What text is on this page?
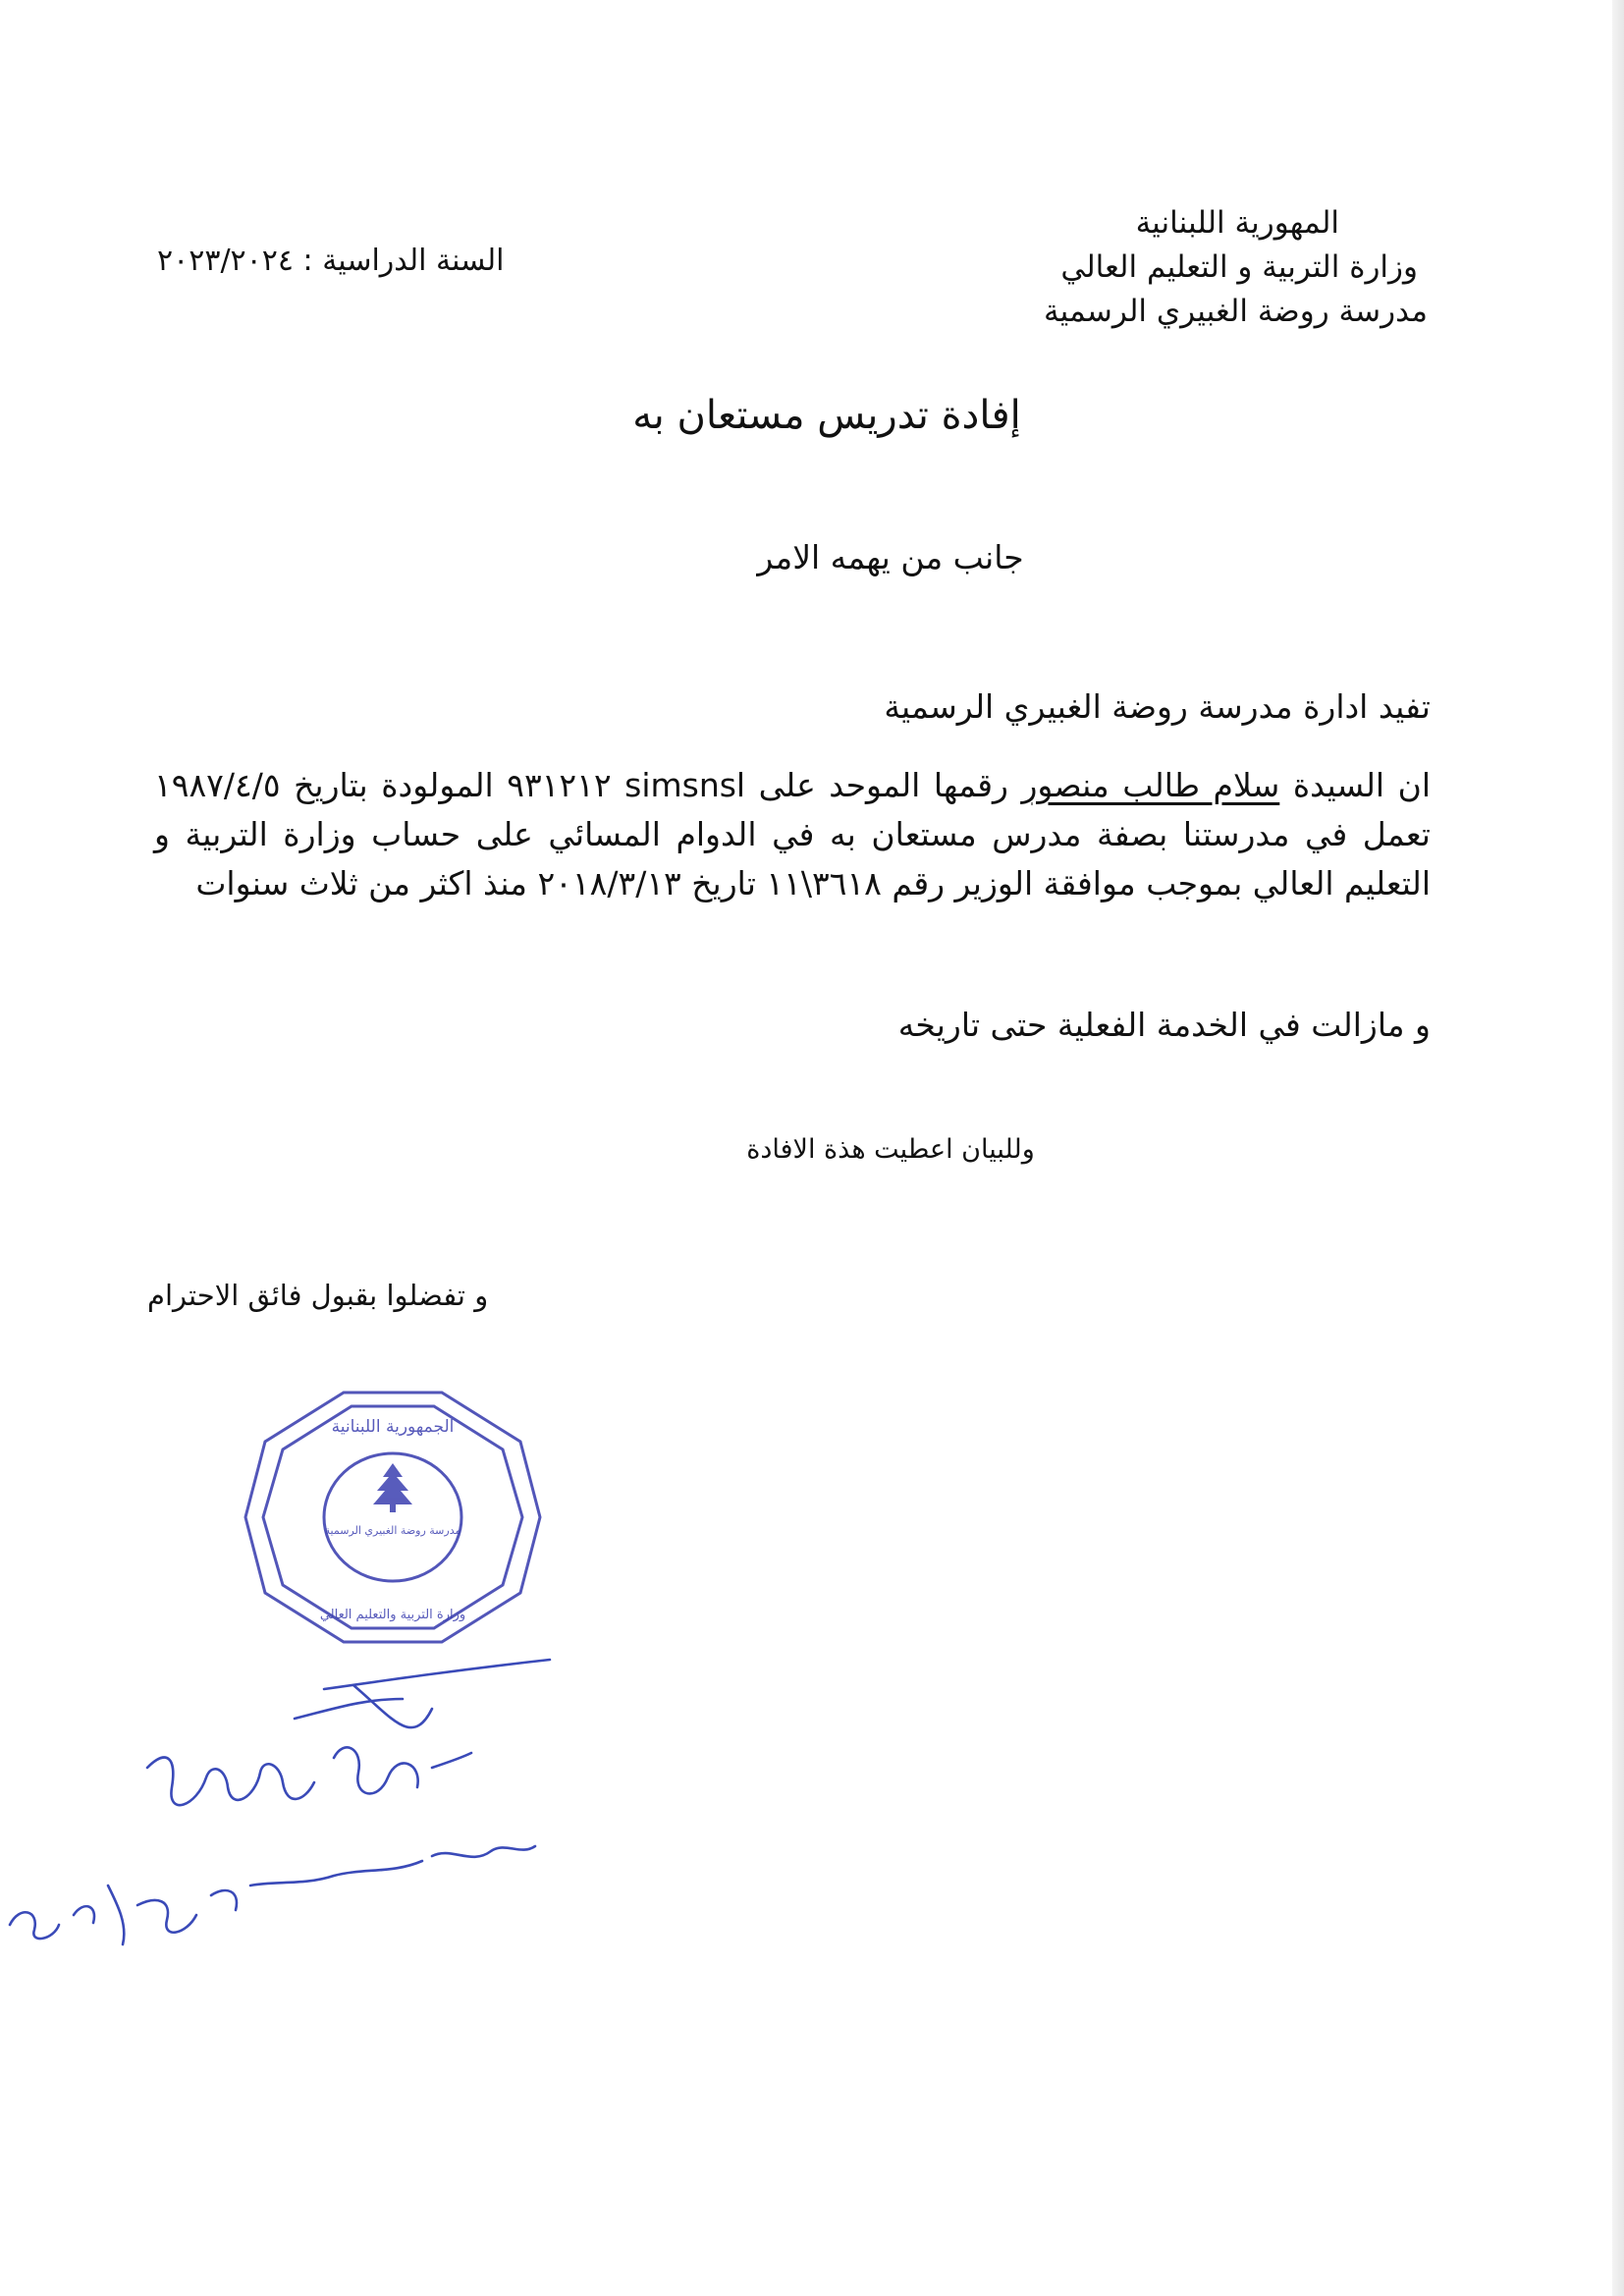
المهورية اللبنانية
وزارة التربية و التعليم العالي
مدرسة روضة الغبيري الرسمية
السنة الدراسية : ٢٠٢٣/٢٠٢٤
إفادة تدريس مستعان به
جانب من يهمه الامر
تفيد ادارة مدرسة روضة الغبيري الرسمية
ان السيدة سلام طالب منصور رقمها الموحد على simsnsl ٩٣١٢١٢ المولودة بتاريخ ١٩٨٧/٤/٥ تعمل في مدرستنا بصفة مدرس مستعان به في الدوام المسائي على حساب وزارة التربية و التعليم العالي بموجب موافقة الوزير رقم ٣٦١٨\١١ تاريخ ٢٠١٨/٣/١٣ منذ اكثر من ثلاث سنوات
و مازالت في الخدمة الفعلية حتى تاريخه
وللبيان اعطيت هذة الافادة
و تفضلوا بقبول فائق الاحترام
مدرسة روضة الغبيري الرسمية
الجمهورية اللبنانية
وزارة التربية والتعليم العالي
